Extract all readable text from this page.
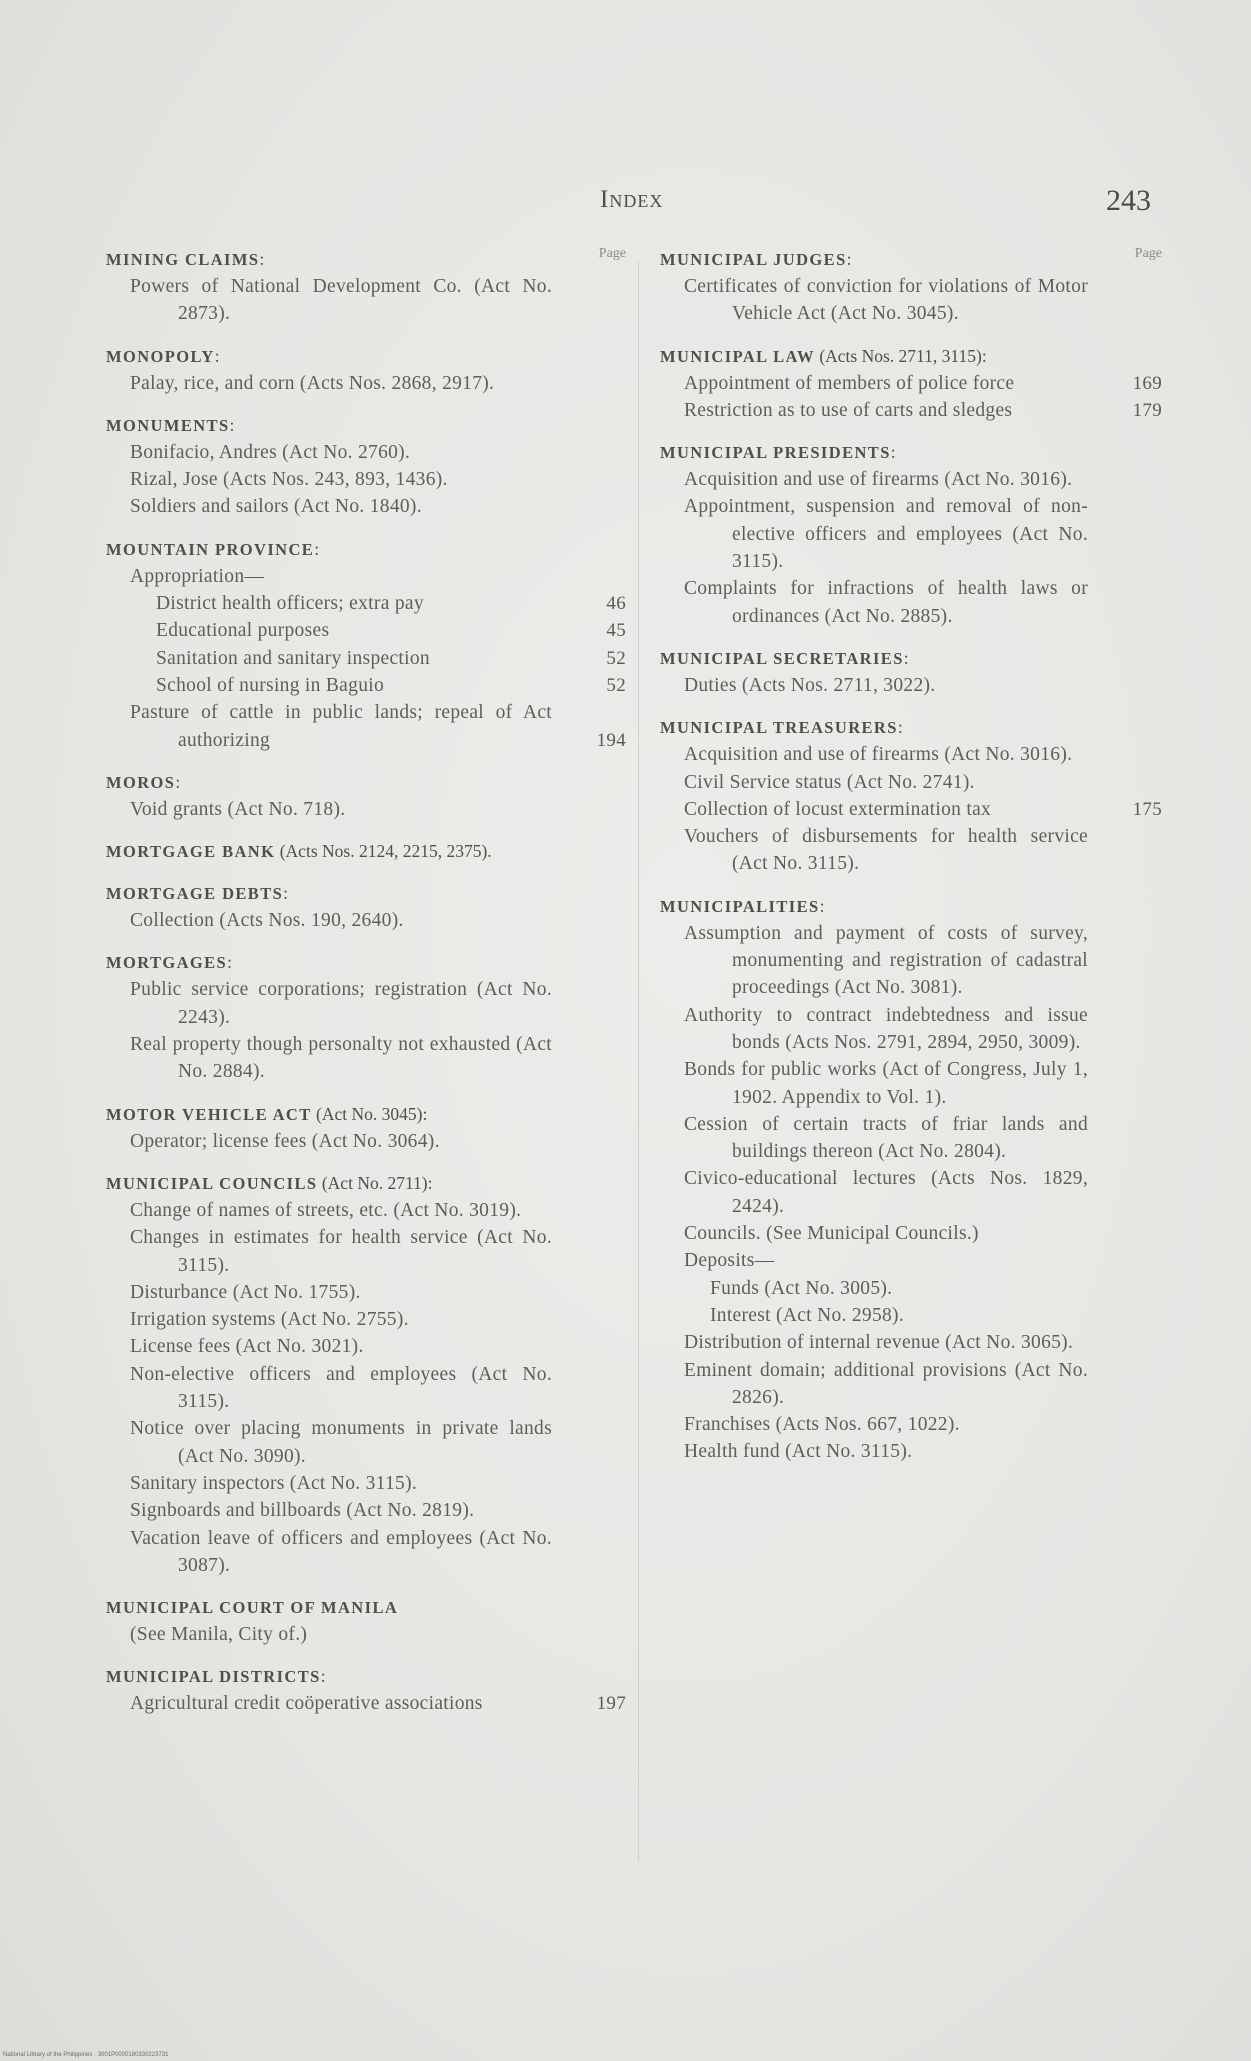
Index	243
Page
MINING CLAIMS:
Powers of National Development Co. (Act No. 2873).
MONOPOLY:
Palay, rice, and corn (Acts Nos. 2868, 2917).
MONUMENTS:
Bonifacio, Andres (Act No. 2760).
Rizal, Jose (Acts Nos. 243, 893, 1436).
Soldiers and sailors (Act No. 1840).
MOUNTAIN PROVINCE:
Appropriation—
District health officers; extra pay	46
Educational purposes	45
Sanitation and sanitary inspection	52
School of nursing in Baguio	52
Pasture of cattle in public lands; repeal of Act authorizing	194
MOROS:
Void grants (Act No. 718).
MORTGAGE BANK (Acts Nos. 2124, 2215, 2375).
MORTGAGE DEBTS:
Collection (Acts Nos. 190, 2640).
MORTGAGES:
Public service corporations; registration (Act No. 2243).
Real property though personalty not exhausted (Act No. 2884).
MOTOR VEHICLE ACT (Act No. 3045):
Operator; license fees (Act No. 3064).
MUNICIPAL COUNCILS (Act No. 2711):
Change of names of streets, etc. (Act No. 3019).
Changes in estimates for health service (Act No. 3115).
Disturbance (Act No. 1755).
Irrigation systems (Act No. 2755).
License fees (Act No. 3021).
Non-elective officers and employees (Act No. 3115).
Notice over placing monuments in private lands (Act No. 3090).
Sanitary inspectors (Act No. 3115).
Signboards and billboards (Act No. 2819).
Vacation leave of officers and employees (Act No. 3087).
MUNICIPAL COURT OF MANILA
(See Manila, City of.)
MUNICIPAL DISTRICTS:
Agricultural credit coöperative associations	197
Page
MUNICIPAL JUDGES:
Certificates of conviction for violations of Motor Vehicle Act (Act No. 3045).
MUNICIPAL LAW (Acts Nos. 2711, 3115):
Appointment of members of police force	169
Restriction as to use of carts and sledges	179
MUNICIPAL PRESIDENTS:
Acquisition and use of firearms (Act No. 3016).
Appointment, suspension and removal of non-elective officers and employees (Act No. 3115).
Complaints for infractions of health laws or ordinances (Act No. 2885).
MUNICIPAL SECRETARIES:
Duties (Acts Nos. 2711, 3022).
MUNICIPAL TREASURERS:
Acquisition and use of firearms (Act No. 3016).
Civil Service status (Act No. 2741).
Collection of locust extermination tax	175
Vouchers of disbursements for health service (Act No. 3115).
MUNICIPALITIES:
Assumption and payment of costs of survey, monumenting and registration of cadastral proceedings (Act No. 3081).
Authority to contract indebtedness and issue bonds (Acts Nos. 2791, 2894, 2950, 3009).
Bonds for public works (Act of Congress, July 1, 1902. Appendix to Vol. 1).
Cession of certain tracts of friar lands and buildings thereon (Act No. 2804).
Civico-educational lectures (Acts Nos. 1829, 2424).
Councils. (See Municipal Councils.)
Deposits—
Funds (Act No. 3005).
Interest (Act No. 2958).
Distribution of internal revenue (Act No. 3065).
Eminent domain; additional provisions (Act No. 2826).
Franchises (Acts Nos. 667, 1022).
Health fund (Act No. 3115).
National Library of the Philippines · 3001P0000180330223731
